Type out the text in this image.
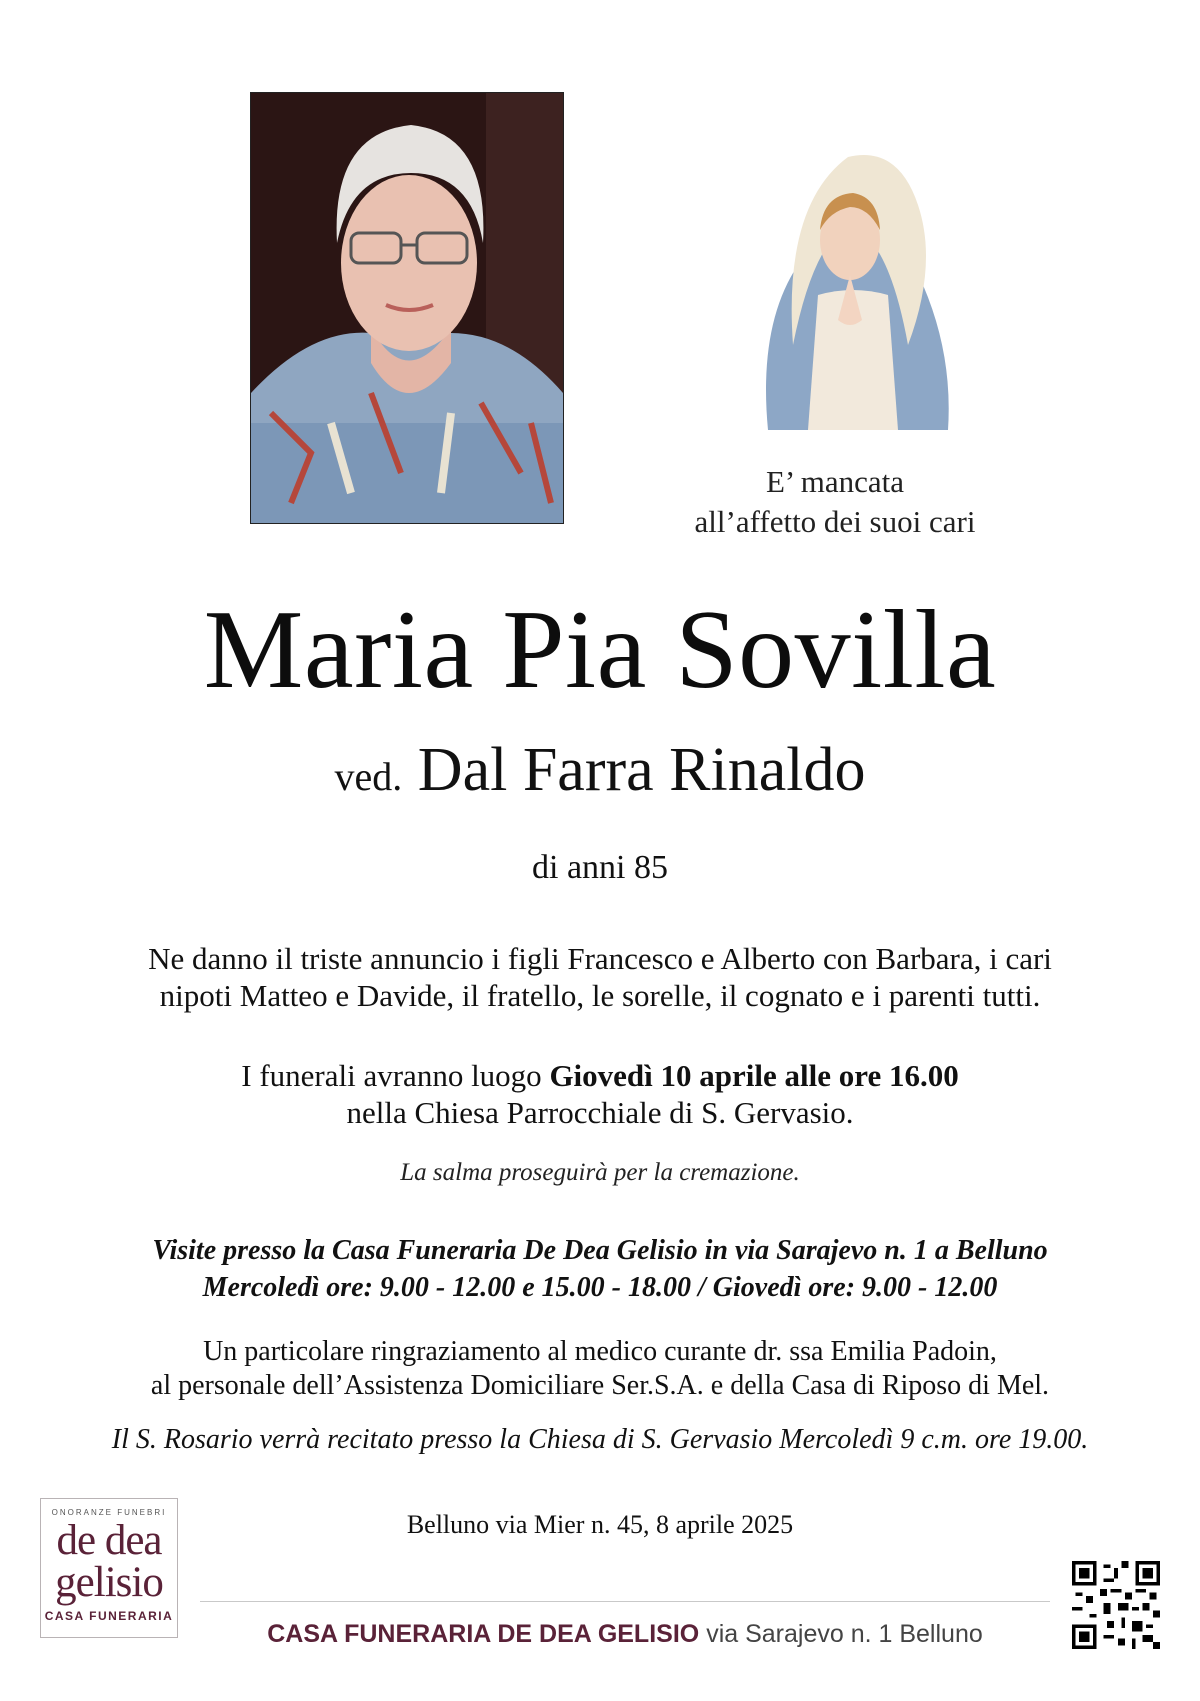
E’ mancata
all’affetto dei suoi cari
Maria Pia Sovilla
ved. Dal Farra Rinaldo
di anni 85
Ne danno il triste annuncio i figli Francesco e Alberto con Barbara, i cari
nipoti Matteo e Davide, il fratello, le sorelle, il cognato e i parenti tutti.
I funerali avranno luogo Giovedì 10 aprile alle ore 16.00
nella Chiesa Parrocchiale di S. Gervasio.
La salma proseguirà per la cremazione.
Visite presso la Casa Funeraria De Dea Gelisio in via Sarajevo n. 1 a Belluno
Mercoledì ore: 9.00 - 12.00 e 15.00 - 18.00 / Giovedì ore: 9.00 - 12.00
Un particolare ringraziamento al medico curante dr. ssa Emilia Padoin,
al personale dell’Assistenza Domiciliare Ser.S.A. e della Casa di Riposo di Mel.
Il S. Rosario verrà recitato presso la Chiesa di S. Gervasio Mercoledì 9 c.m. ore 19.00.
Belluno via Mier n. 45, 8 aprile 2025
ONORANZE FUNEBRI
de dea
gelisio
CASA FUNERARIA
CASA FUNERARIA DE DEA GELISIO via Sarajevo n. 1 Belluno
